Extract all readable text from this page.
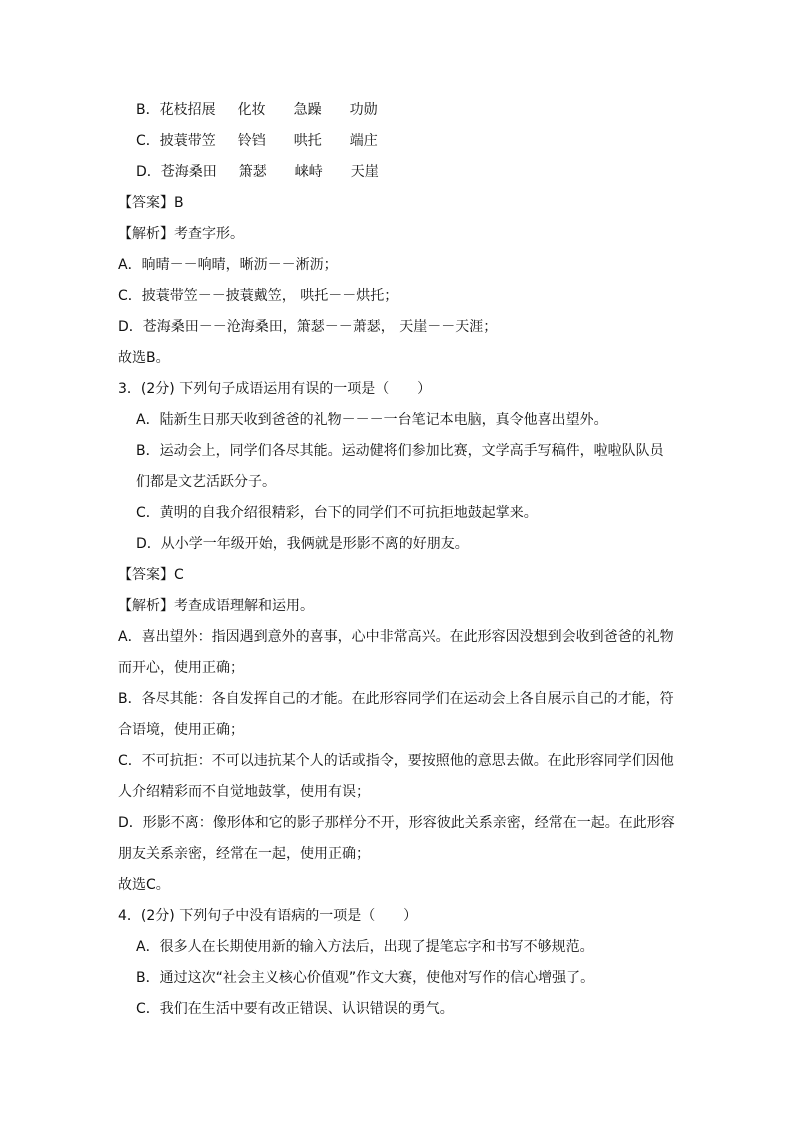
B．花枝招展 化妆 急躁 功勋
C．披蓑带笠 铃铛 哄托 端庄
D．苍海桑田 箫瑟 崃峙 天崖
【答案】B
【解析】考查字形。
A．晌晴－－响晴，晰沥－－淅沥；
C．披蓑带笠－－披蓑戴笠， 哄托－－烘托；
D．苍海桑田－－沧海桑田，箫瑟－－萧瑟， 天崖－－天涯；
故选B。
3．(2分) 下列句子成语运用有误的一项是（　　）
A．陆新生日那天收到爸爸的礼物－－－一台笔记本电脑，真令他喜出望外。
B．运动会上，同学们各尽其能。运动健将们参加比赛，文学高手写稿件，啦啦队队员
们都是文艺活跃分子。
C．黄明的自我介绍很精彩，台下的同学们不可抗拒地鼓起掌来。
D．从小学一年级开始，我俩就是形影不离的好朋友。
【答案】C
【解析】考查成语理解和运用。
A．喜出望外：指因遇到意外的喜事，心中非常高兴。在此形容因没想到会收到爸爸的礼物
而开心，使用正确；
B．各尽其能：各自发挥自己的才能。在此形容同学们在运动会上各自展示自己的才能，符
合语境，使用正确；
C．不可抗拒：不可以违抗某个人的话或指令，要按照他的意思去做。在此形容同学们因他
人介绍精彩而不自觉地鼓掌，使用有误；
D．形影不离：像形体和它的影子那样分不开，形容彼此关系亲密，经常在一起。在此形容
朋友关系亲密，经常在一起，使用正确；
故选C。
4．(2分) 下列句子中没有语病的一项是（　　）
A．很多人在长期使用新的输入方法后，出现了提笔忘字和书写不够规范。
B．通过这次“社会主义核心价值观”作文大赛，使他对写作的信心增强了。
C．我们在生活中要有改正错误、认识错误的勇气。
